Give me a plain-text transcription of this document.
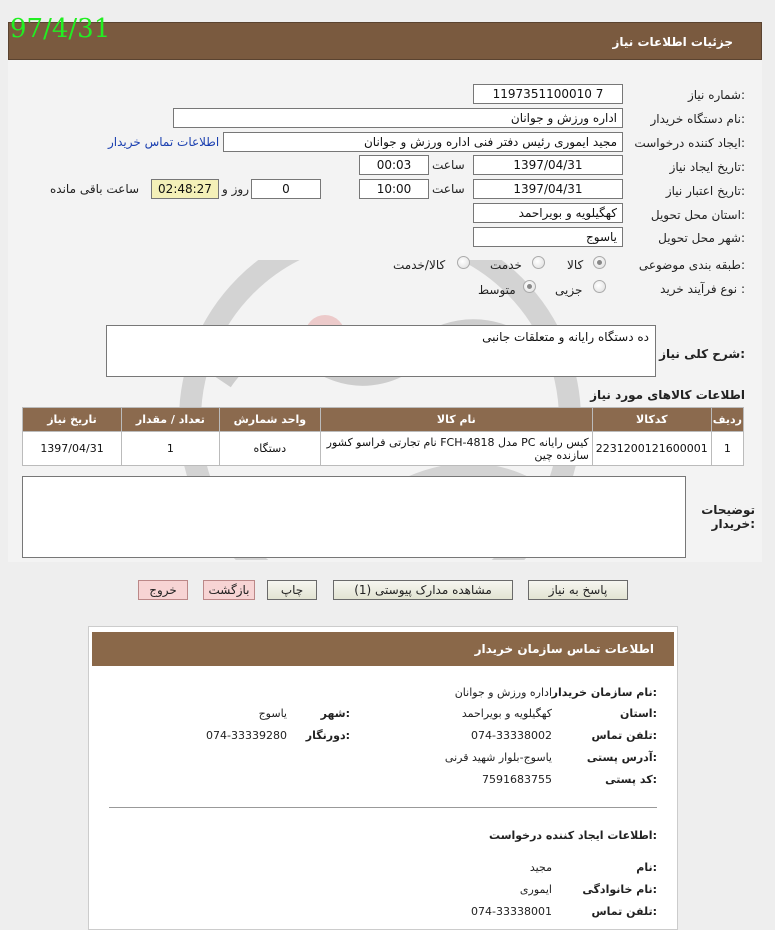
جزئیات اطلاعات نیاز
97/4/31
شماره نیاز:
1197351100010 7
نام دستگاه خریدار:
اداره ورزش و جوانان
ایجاد کننده درخواست:
مجید ایموری رئیس دفتر فنی اداره ورزش و جوانان
اطلاعات تماس خریدار
تاریخ ایجاد نیاز:
1397/04/31
ساعت
00:03
تاریخ اعتبار نیاز:
1397/04/31
ساعت
10:00
0
روز و
02:48:27
ساعت باقی مانده
استان محل تحویل:
کهگیلویه و بویراحمد
شهر محل تحویل:
یاسوج
طبقه بندی موضوعی:
کالا
خدمت
کالا/خدمت
نوع فرآیند خرید :
جزیی
متوسط
شرح کلی نیاز:
ده دستگاه رایانه و متعلقات جانبی
اطلاعات کالاهای مورد نیاز
ردیف	کدکالا	نام کالا	واحد شمارش	تعداد / مقدار	تاریخ نیاز
1	2231200121600001	کیس رایانه PC مدل FCH-4818 نام تجارتی فراسو کشور سازنده چین	دستگاه	1	1397/04/31
توضیحات خریدار:
پاسخ به نیاز
مشاهده مدارک پیوستی (1)
چاپ
بازگشت
خروج
اطلاعات تماس سازمان خریدار
نام سازمان خریدار:
اداره ورزش و جوانان
استان:
کهگیلویه و بویراحمد
شهر:
یاسوج
تلفن تماس:
074-33338002
دورنگار:
074-33339280
آدرس پستی:
یاسوج-بلوار شهید قرنی
کد پستی:
7591683755
اطلاعات ایجاد کننده درخواست:
نام:
مجید
نام خانوادگی:
ایموری
تلفن تماس:
074-33338001
